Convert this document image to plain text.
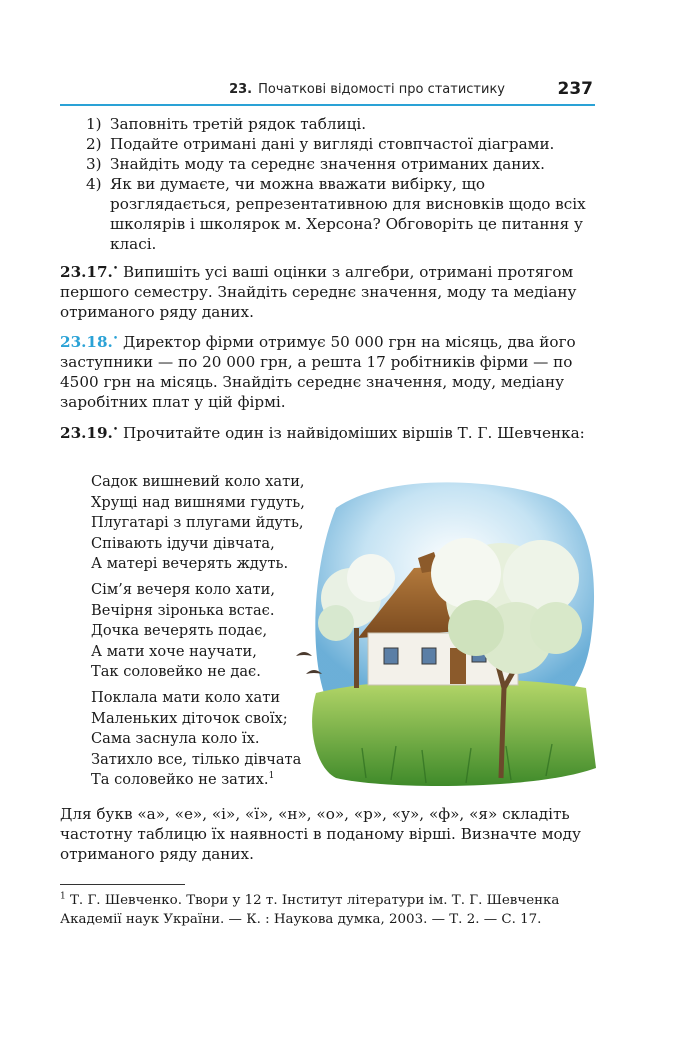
23. Початкові відомості про статистику	237
1) Заповніть третій рядок таблиці.
2) Подайте отримані дані у вигляді стовпчастої діаграми.
3) Знайдіть моду та середнє значення отриманих даних.
4) Як ви думаєте, чи можна вважати вибірку, що розглядається, репрезентативною для висновків щодо всіх школярів і школярок м. Херсона? Обговоріть це питання у класі.
23.17.• Випишіть усі ваші оцінки з алгебри, отримані протягом першого семестру. Знайдіть середнє значення, моду та медіану отриманого ряду даних.
23.18.• Директор фірми отримує 50 000 грн на місяць, два його заступники — по 20 000 грн, а решта 17 робітників фірми — по 4500 грн на місяць. Знайдіть середнє значення, моду, медіану заробітних плат у цій фірмі.
23.19.• Прочитайте один із найвідоміших віршів Т. Г. Шевченка:
Садок вишневий коло хати,
Хрущі над вишнями гудуть,
Плугатарі з плугами йдуть,
Співають ідучи дівчата,
А матері вечерять ждуть.
Сім’я вечеря коло хати,
Вечірня зіронька встає.
Дочка вечерять подає,
А мати хоче научати,
Так соловейко не дає.
Поклала мати коло хати
Маленьких діточок своїх;
Сама заснула коло їх.
Затихло все, тілько дівчата
Та соловейко не затих.$^1$
Для букв «а», «е», «і», «ї», «н», «о», «р», «у», «ф», «я» складіть частотну таблицю їх наявності в поданому вірші. Визначте моду отриманого ряду даних.
$^1$ Т. Г. Шевченко. Твори у 12 т. Інститут літератури ім. Т. Г. Шевченка Академії наук України. — К. : Наукова думка, 2003. — Т. 2. — С. 17.
